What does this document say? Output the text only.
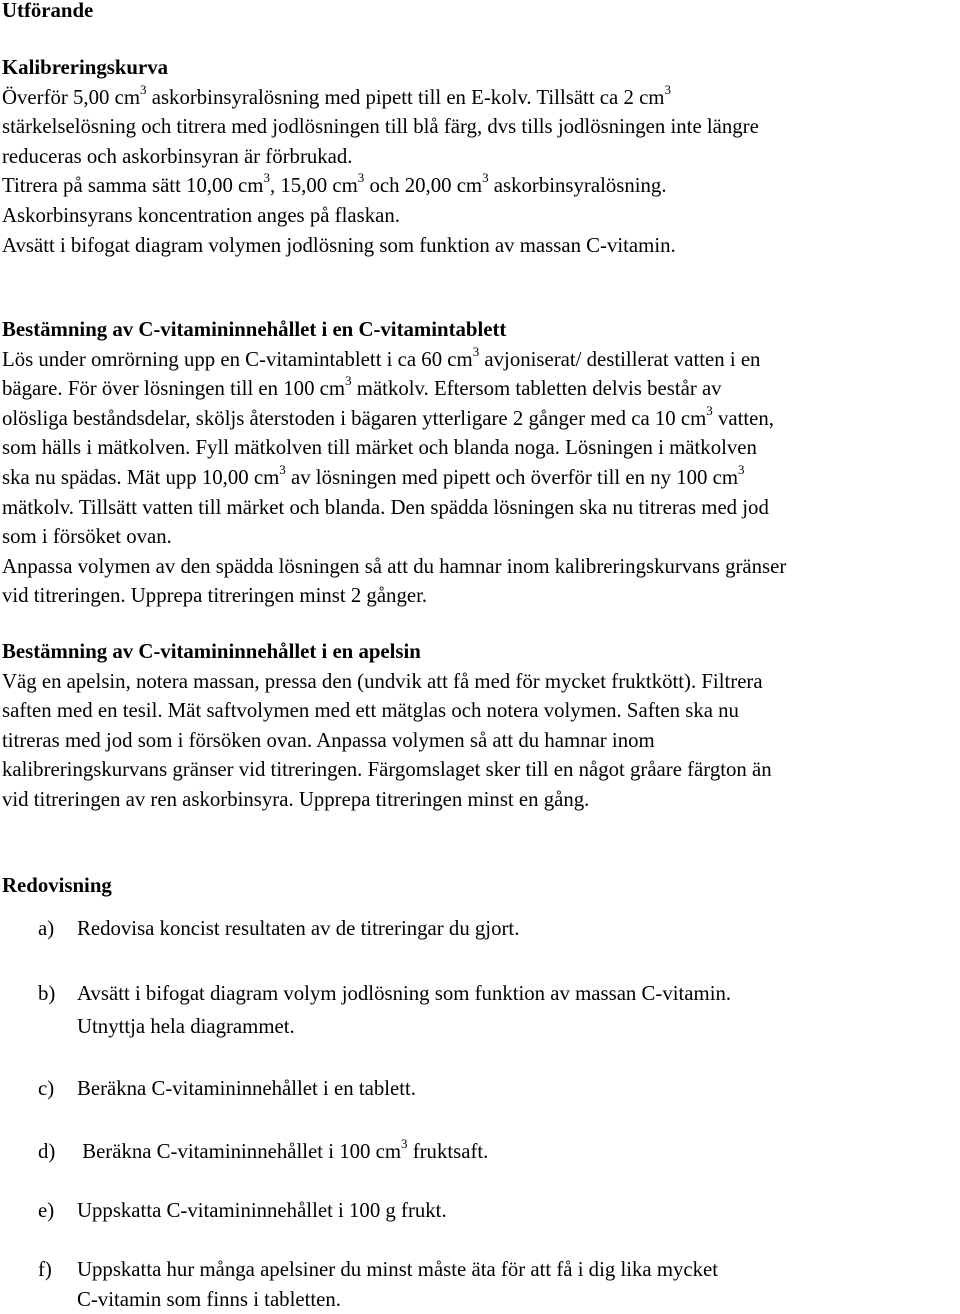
Utförande
Kalibreringskurva
Överför 5,00 $cm^3$ askorbinsyralösning med pipett till en E-kolv. Tillsätt ca 2 $cm^3$
stärkelselösning och titrera med jodlösningen till blå färg, dvs tills jodlösningen inte längre
reduceras och askorbinsyran är förbrukad.
Titrera på samma sätt 10,00 $cm^3$, 15,00 $cm^3$ och 20,00 $cm^3$ askorbinsyralösning.
Askorbinsyrans koncentration anges på flaskan.
Avsätt i bifogat diagram volymen jodlösning som funktion av massan C-vitamin.
Bestämning av C-vitamininnehållet i en C-vitamintablett
Lös under omrörning upp en C-vitamintablett i ca 60 $cm^3$ avjoniserat/ destillerat vatten i en
bägare. För över lösningen till en 100 $cm^3$ mätkolv. Eftersom tabletten delvis består av
olösliga beståndsdelar, sköljs återstoden i bägaren ytterligare 2 gånger med ca 10 $cm^3$ vatten,
som hälls i mätkolven. Fyll mätkolven till märket och blanda noga. Lösningen i mätkolven
ska nu spädas. Mät upp 10,00 $cm^3$ av lösningen med pipett och överför till en ny 100 $cm^3$
mätkolv. Tillsätt vatten till märket och blanda. Den spädda lösningen ska nu titreras med jod
som i försöket ovan.
Anpassa volymen av den spädda lösningen så att du hamnar inom kalibreringskurvans gränser
vid titreringen. Upprepa titreringen minst 2 gånger.
Bestämning av C-vitamininnehållet i en apelsin
Väg en apelsin, notera massan, pressa den (undvik att få med för mycket fruktkött). Filtrera
saften med en tesil. Mät saftvolymen med ett mätglas och notera volymen. Saften ska nu
titreras med jod som i försöken ovan. Anpassa volymen så att du hamnar inom
kalibreringskurvans gränser vid titreringen. Färgomslaget sker till en något gråare färgton än
vid titreringen av ren askorbinsyra. Upprepa titreringen minst en gång.
Redovisning
a) Redovisa koncist resultaten av de titreringar du gjort.
b) Avsätt i bifogat diagram volym jodlösning som funktion av massan C-vitamin.
Utnyttja hela diagrammet.
c) Beräkna C-vitamininnehållet i en tablett.
d) Beräkna C-vitamininnehållet i 100 $cm^3$ fruktsaft.
e) Uppskatta C-vitamininnehållet i 100 g frukt.
f) Uppskatta hur många apelsiner du minst måste äta för att få i dig lika mycket
C-vitamin som finns i tabletten.
